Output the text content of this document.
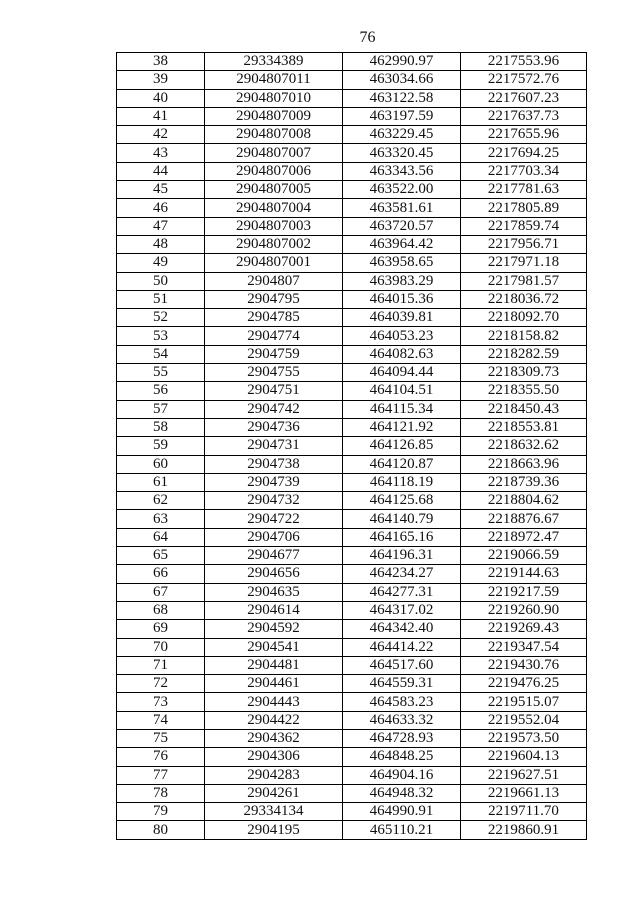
76
38	29334389	462990.97	2217553.96
39	2904807011	463034.66	2217572.76
40	2904807010	463122.58	2217607.23
41	2904807009	463197.59	2217637.73
42	2904807008	463229.45	2217655.96
43	2904807007	463320.45	2217694.25
44	2904807006	463343.56	2217703.34
45	2904807005	463522.00	2217781.63
46	2904807004	463581.61	2217805.89
47	2904807003	463720.57	2217859.74
48	2904807002	463964.42	2217956.71
49	2904807001	463958.65	2217971.18
50	2904807	463983.29	2217981.57
51	2904795	464015.36	2218036.72
52	2904785	464039.81	2218092.70
53	2904774	464053.23	2218158.82
54	2904759	464082.63	2218282.59
55	2904755	464094.44	2218309.73
56	2904751	464104.51	2218355.50
57	2904742	464115.34	2218450.43
58	2904736	464121.92	2218553.81
59	2904731	464126.85	2218632.62
60	2904738	464120.87	2218663.96
61	2904739	464118.19	2218739.36
62	2904732	464125.68	2218804.62
63	2904722	464140.79	2218876.67
64	2904706	464165.16	2218972.47
65	2904677	464196.31	2219066.59
66	2904656	464234.27	2219144.63
67	2904635	464277.31	2219217.59
68	2904614	464317.02	2219260.90
69	2904592	464342.40	2219269.43
70	2904541	464414.22	2219347.54
71	2904481	464517.60	2219430.76
72	2904461	464559.31	2219476.25
73	2904443	464583.23	2219515.07
74	2904422	464633.32	2219552.04
75	2904362	464728.93	2219573.50
76	2904306	464848.25	2219604.13
77	2904283	464904.16	2219627.51
78	2904261	464948.32	2219661.13
79	29334134	464990.91	2219711.70
80	2904195	465110.21	2219860.91
